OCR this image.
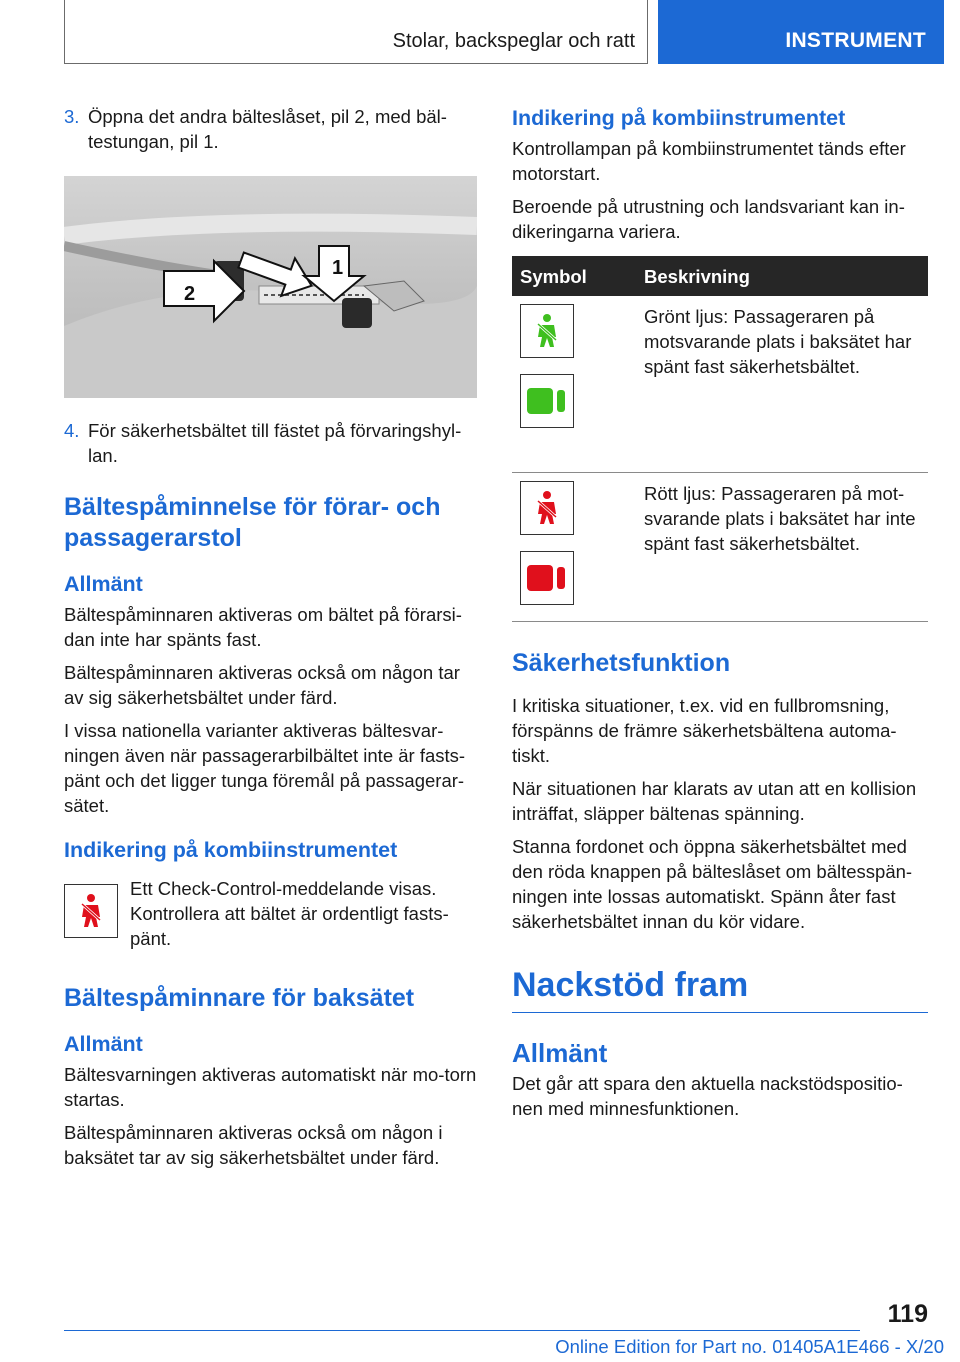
Stolar, backspeglar och ratt	INSTRUMENT
3. Öppna det andra bälteslåset, pil 2, med bäl-testungan, pil 1.
1
2
4. För säkerhetsbältet till fästet på förvaringshyl-lan.
Bältespåminnelse för förar- och passagerarstol
Allmänt

Bältespåminnaren aktiveras om bältet på förarsi-dan inte har spänts fast.

Bältespåminnaren aktiveras också om någon tar av sig säkerhetsbältet under färd.

I vissa nationella varianter aktiveras bältesvar-ningen även när passagerarbilbältet inte är fasts-pänt och det ligger tunga föremål på passagerar-sätet.

Indikering på kombiinstrumentet
Ett Check-Control-meddelande visas. Kontrollera att bältet är ordentligt fasts-pänt.
Bältespåminnare för baksätet
Allmänt

Bältesvarningen aktiveras automatiskt när mo-torn startas.

Bältespåminnaren aktiveras också om någon i baksätet tar av sig säkerhetsbältet under färd.

Indikering på kombiinstrumentet

Kontrollampan på kombiinstrumentet tänds efter motorstart.

Beroende på utrustning och landsvariant kan in-dikeringarna variera.

Symbol	Beskrivning

	Grönt ljus: Passageraren på motsvarande plats i baksätet har spänt fast säkerhetsbältet.

	Rött ljus: Passageraren på mot-svarande plats i baksätet har inte spänt fast säkerhetsbältet.
Säkerhetsfunktion

I kritiska situationer, t.ex. vid en fullbromsning, förspänns de främre säkerhetsbältena automa-tiskt.

När situationen har klarats av utan att en kollision inträffat, släpper bältenas spänning.

Stanna fordonet och öppna säkerhetsbältet med den röda knappen på bälteslåset om bältesspän-ningen inte lossas automatiskt. Spänn åter fast säkerhetsbältet innan du kör vidare.

Nackstöd fram
Allmänt

Det går att spara den aktuella nackstödspositio-nen med minnesfunktionen.

119
Online Edition for Part no. 01405A1E466 - X/20
